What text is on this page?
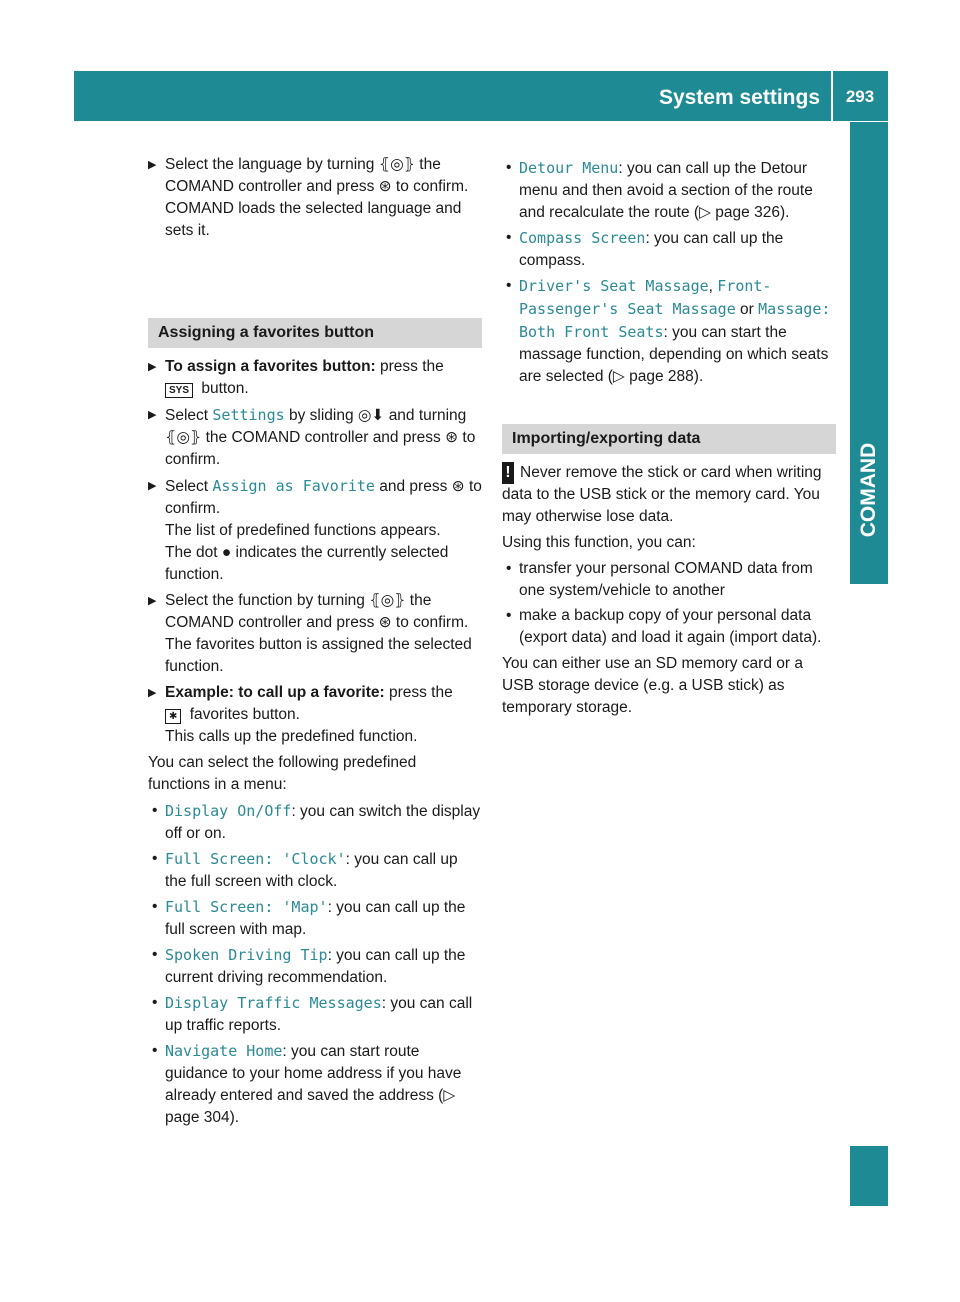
System settings	293
COMAND
▶ Select the language by turning ⦃◎⦄ the COMAND controller and press ⊛ to confirm.
COMAND loads the selected language and sets it.
Assigning a favorites button
▶ To assign a favorites button: press the
SYS button.
▶ Select Settings by sliding ◎⬇ and turning ⦃◎⦄ the COMAND controller and press ⊛ to confirm.
▶ Select Assign as Favorite and press ⊛ to confirm.
The list of predefined functions appears.
The dot ● indicates the currently selected function.
▶ Select the function by turning ⦃◎⦄ the COMAND controller and press ⊛ to confirm.
The favorites button is assigned the selected function.
▶ Example: to call up a favorite: press the
✱ favorites button.
This calls up the predefined function.
You can select the following predefined functions in a menu:
• Display On/Off: you can switch the display off or on.
• Full Screen: 'Clock': you can call up the full screen with clock.
• Full Screen: 'Map': you can call up the full screen with map.
• Spoken Driving Tip: you can call up the current driving recommendation.
• Display Traffic Messages: you can call up traffic reports.
• Navigate Home: you can start route guidance to your home address if you have already entered and saved the address (▷ page 304).
• Detour Menu: you can call up the Detour menu and then avoid a section of the route and recalculate the route (▷ page 326).
• Compass Screen: you can call up the compass.
• Driver's Seat Massage, Front-Passenger's Seat Massage or Massage: Both Front Seats: you can start the massage function, depending on which seats are selected (▷ page 288).
Importing/exporting data
! Never remove the stick or card when writing data to the USB stick or the memory card. You may otherwise lose data.
Using this function, you can:
• transfer your personal COMAND data from one system/vehicle to another
• make a backup copy of your personal data (export data) and load it again (import data).
You can either use an SD memory card or a USB storage device (e.g. a USB stick) as temporary storage.
